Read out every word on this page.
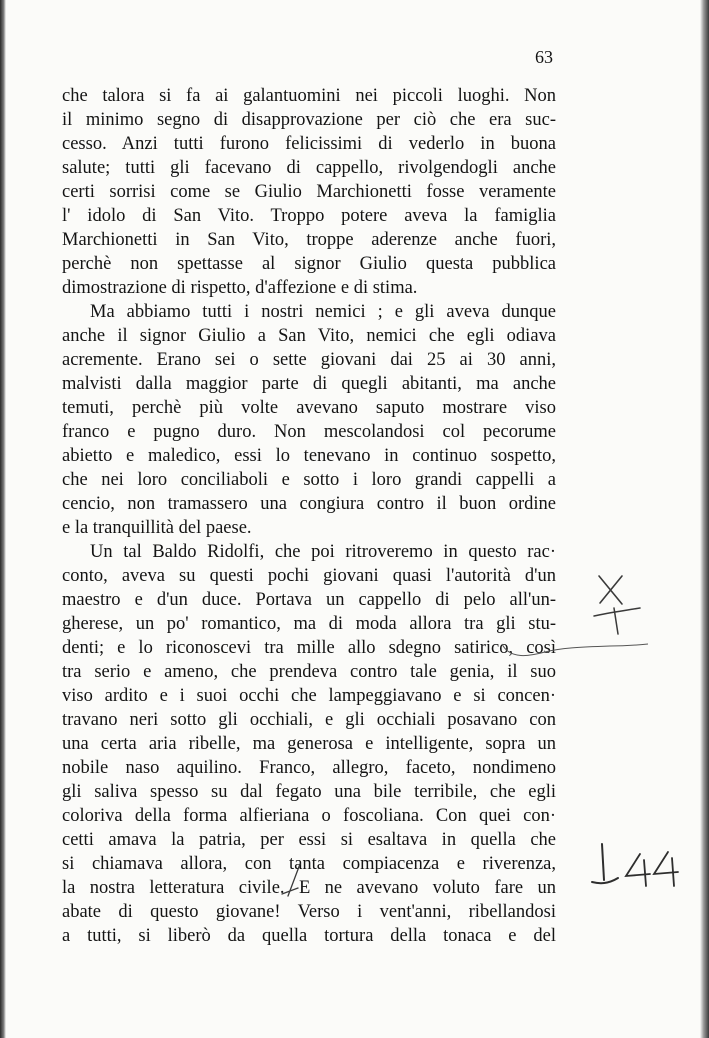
63
che talora si fa ai galantuomini nei piccoli luoghi. Non
il minimo segno di disapprovazione per ciò che era suc-
cesso. Anzi tutti furono felicissimi di vederlo in buona
salute; tutti gli facevano di cappello, rivolgendogli anche
certi sorrisi come se Giulio Marchionetti fosse veramente
l' idolo di San Vito. Troppo potere aveva la famiglia
Marchionetti in San Vito, troppe aderenze anche fuori,
perchè non spettasse al signor Giulio questa pubblica
dimostrazione di rispetto, d'affezione e di stima.
Ma abbiamo tutti i nostri nemici ; e gli aveva dunque
anche il signor Giulio a San Vito, nemici che egli odiava
acremente. Erano sei o sette giovani dai 25 ai 30 anni,
malvisti dalla maggior parte di quegli abitanti, ma anche
temuti, perchè più volte avevano saputo mostrare viso
franco e pugno duro. Non mescolandosi col pecorume
abietto e maledico, essi lo tenevano in continuo sospetto,
che nei loro conciliaboli e sotto i loro grandi cappelli a
cencio, non tramassero una congiura contro il buon ordine
e la tranquillità del paese.
Un tal Baldo Ridolfi, che poi ritroveremo in questo rac·
conto, aveva su questi pochi giovani quasi l'autorità d'un
maestro e d'un duce. Portava un cappello di pelo all'un-
gherese, un po' romantico, ma di moda allora tra gli stu-
denti; e lo riconoscevi tra mille allo sdegno satirico, così
tra serio e ameno, che prendeva contro tale genia, il suo
viso ardito e i suoi occhi che lampeggiavano e si concen·
travano neri sotto gli occhiali, e gli occhiali posavano con
una certa aria ribelle, ma generosa e intelligente, sopra un
nobile naso aquilino. Franco, allegro, faceto, nondimeno
gli saliva spesso su dal fegato una bile terribile, che egli
coloriva della forma alfieriana o foscoliana. Con quei con·
cetti amava la patria, per essi si esaltava in quella che
si chiamava allora, con tanta compiacenza e riverenza,
la nostra letteratura civile. E ne avevano voluto fare un
abate di questo giovane! Verso i vent'anni, ribellandosi
a tutti, si liberò da quella tortura della tonaca e del
